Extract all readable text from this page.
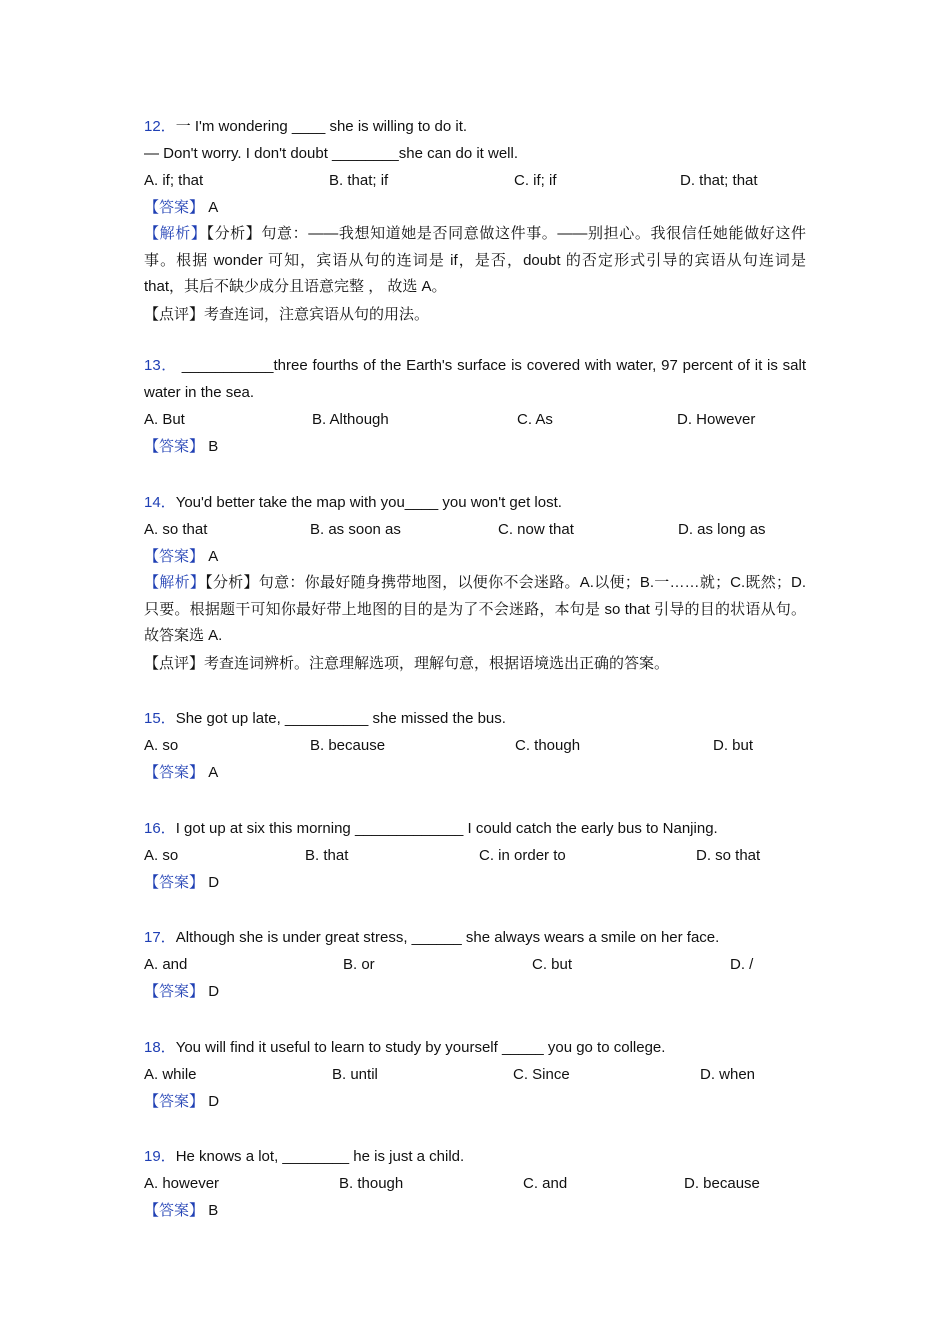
12．一 I'm wondering ____ she is willing to do it.
— Don't worry. I don't doubt ________she can do it well.
A. if; that	B. that; if	C. if; if	D. that; that
【答案】 A
【解析】【分析】句意：——我想知道她是否同意做这件事。——别担心。我很信任她能做好这件事。根据 wonder 可知，宾语从句的连词是 if，是否，doubt 的否定形式引导的宾语从句连词是 that，其后不缺少成分且语意完整 ， 故选 A。
【点评】考查连词，注意宾语从句的用法。
13． ___________three fourths of the Earth's surface is covered with water, 97 percent of it is salt water in the sea.
A. But	B. Although	C. As	D. However
【答案】 B
14．You'd better take the map with you____ you won't get lost.
A. so that	B. as soon as	C. now that	D. as long as
【答案】 A
【解析】【分析】句意：你最好随身携带地图，以便你不会迷路。A.以便；B.一……就；C.既然；D.只要。根据题干可知你最好带上地图的目的是为了不会迷路，本句是 so that 引导的目的状语从句。故答案选 A.
【点评】考查连词辨析。注意理解选项，理解句意，根据语境选出正确的答案。
15．She got up late, __________ she missed the bus.
A. so	B. because	C. though	D. but
【答案】 A
16．I got up at six this morning _____________ I could catch the early bus to Nanjing.
A. so	B. that	C. in order to	D. so that
【答案】 D
17．Although she is under great stress, ______ she always wears a smile on her face.
A. and	B. or	C. but	D. /
【答案】 D
18．You will find it useful to learn to study by yourself _____ you go to college.
A. while	B. until	C. Since	D. when
【答案】 D
19．He knows a lot, ________ he is just a child.
A. however	B. though	C. and	D. because
【答案】 B
